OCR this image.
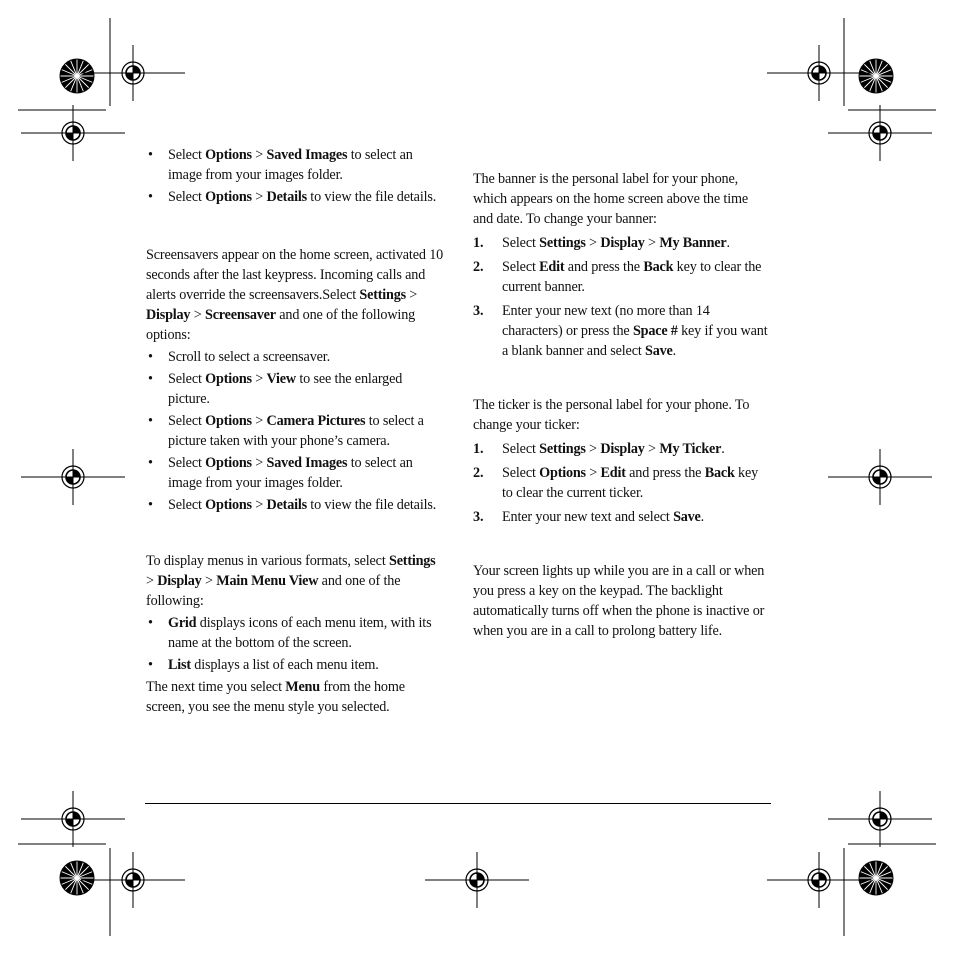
• Select Options > Saved Images to select an image from your images folder.
• Select Options > Details to view the file details.

Screensavers appear on the home screen, activated 10 seconds after the last keypress. Incoming calls and alerts override the screensavers.Select Settings > Display > Screensaver and one of the following options:

• Scroll to select a screensaver.
• Select Options > View to see the enlarged picture.
• Select Options > Camera Pictures to select a picture taken with your phone’s camera.
• Select Options > Saved Images to select an image from your images folder.
• Select Options > Details to view the file details.

To display menus in various formats, select Settings > Display > Main Menu View and one of the following:

• Grid displays icons of each menu item, with its name at the bottom of the screen.
• List displays a list of each menu item.

The next time you select Menu from the home screen, you see the menu style you selected.

The banner is the personal label for your phone, which appears on the home screen above the time and date. To change your banner:

1. Select Settings > Display > My Banner.
2. Select Edit and press the Back key to clear the current banner.
3. Enter your new text (no more than 14 characters) or press the Space # key if you want a blank banner and select Save.

The ticker is the personal label for your phone. To change your ticker:

1. Select Settings > Display > My Ticker.
2. Select Options > Edit and press the Back key to clear the current ticker.
3. Enter your new text and select Save.

Your screen lights up while you are in a call or when you press a key on the keypad. The backlight automatically turns off when the phone is inactive or when you are in a call to prolong battery life.
